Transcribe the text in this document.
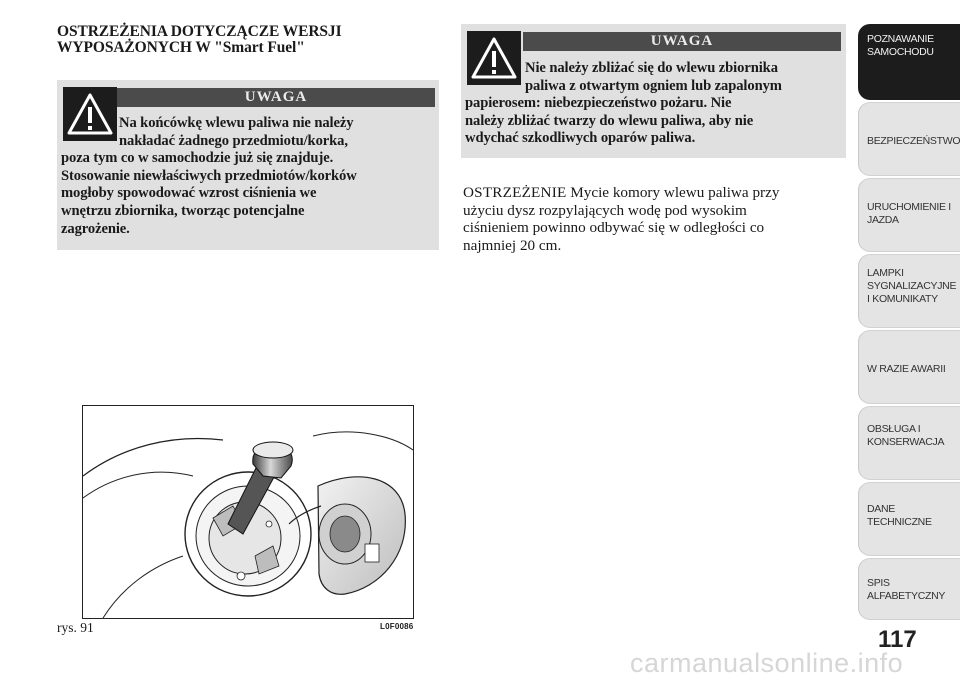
OSTRZEŻENIA DOTYCZĄCZE WERSJI
WYPOSAŻONYCH W "Smart Fuel"
UWAGA
Na końcówkę wlewu paliwa nie należy
nakładać żadnego przedmiotu/korka,
poza tym co w samochodzie już się znajduje.
Stosowanie niewłaściwych przedmiotów/korków
mogłoby spowodować wzrost ciśnienia we
wnętrzu zbiornika, tworząc potencjalne
zagrożenie.
UWAGA
Nie należy zbliżać się do wlewu zbiornika
paliwa z otwartym ogniem lub zapalonym
papierosem: niebezpieczeństwo pożaru. Nie
należy zbliżać twarzy do wlewu paliwa, aby nie
wdychać szkodliwych oparów paliwa.
OSTRZEŻENIE Mycie komory wlewu paliwa przy
użyciu dysz rozpylających wodę pod wysokim
ciśnieniem powinno odbywać się w odległości co
najmniej 20 cm.
rys. 91	L0F0086	117
carmanualsonline.info
POZNAWANIE
SAMOCHODU
BEZPIECZEŃSTWO
URUCHOMIENIE I
JAZDA
LAMPKI
SYGNALIZACYJNE
I KOMUNIKATY
W RAZIE AWARII
OBSŁUGA I
KONSERWACJA
DANE
TECHNICZNE
SPIS
ALFABETYCZNY
